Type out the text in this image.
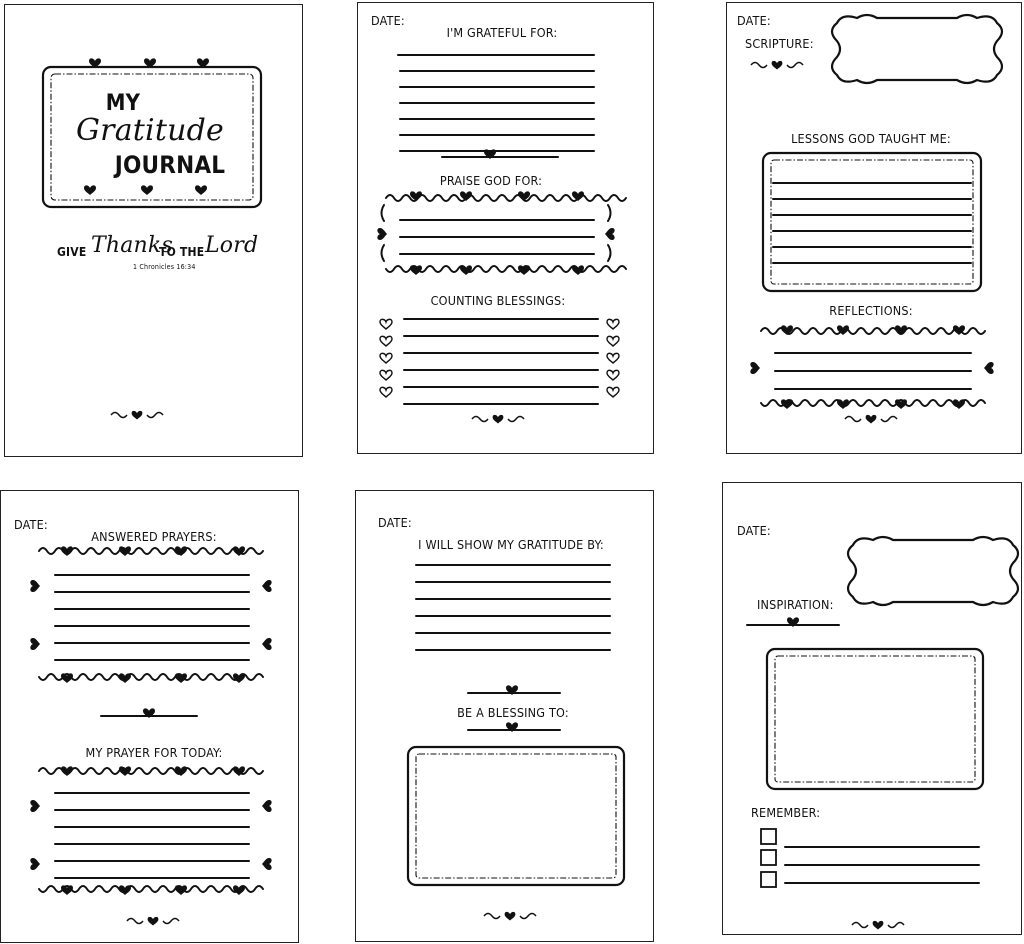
MY
Gratitude
JOURNAL
GIVE Thanks
TO THE Lord
1 Chronicles 16:34
DATE:
I'M GRATEFUL FOR:
PRAISE GOD FOR:
COUNTING BLESSINGS:
DATE:
SCRIPTURE:
LESSONS GOD TAUGHT ME:
REFLECTIONS:
DATE:
ANSWERED PRAYERS:
MY PRAYER FOR TODAY:
DATE:
I WILL SHOW MY GRATITUDE BY:
BE A BLESSING TO:
DATE:
INSPIRATION:
REMEMBER:
